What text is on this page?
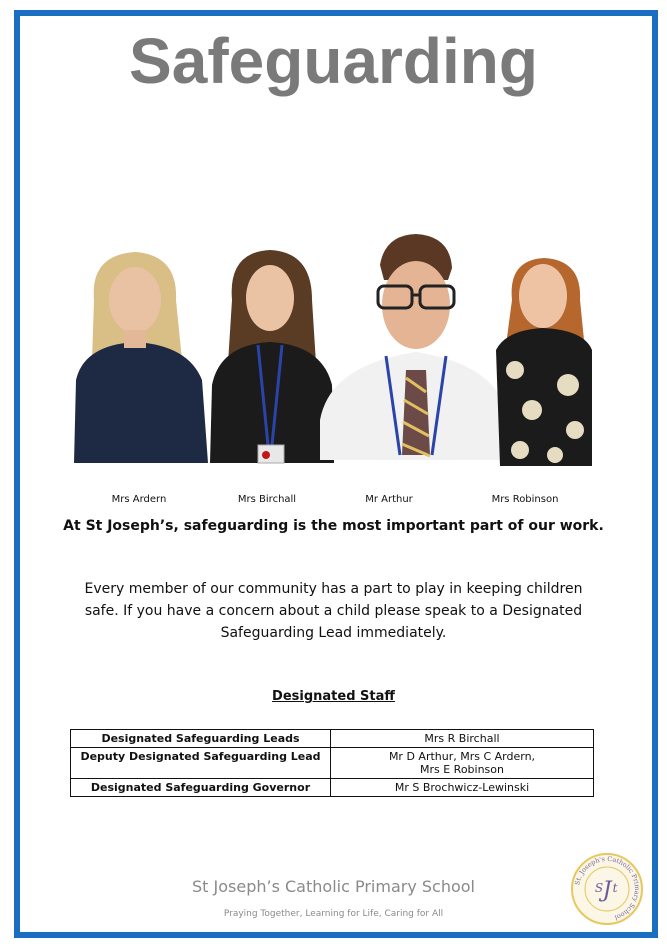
Safeguarding
Mrs Ardern	Mrs Birchall	Mr Arthur	Mrs Robinson
At St Joseph’s, safeguarding is the most important part of our work.
Every member of our community has a part to play in keeping children safe. If you have a concern about a child please speak to a Designated Safeguarding Lead immediately.
Designated Staff
Designated Safeguarding Leads	Mrs R Birchall
Deputy Designated Safeguarding Lead	Mr D Arthur, Mrs C Ardern,
Mrs E Robinson

Designated Safeguarding Governor	Mr S Brochwicz-Lewinski
St Joseph’s Catholic Primary School
Praying Together, Learning for Life, Caring for All
St. Joseph's Catholic Primary School
J
S t
